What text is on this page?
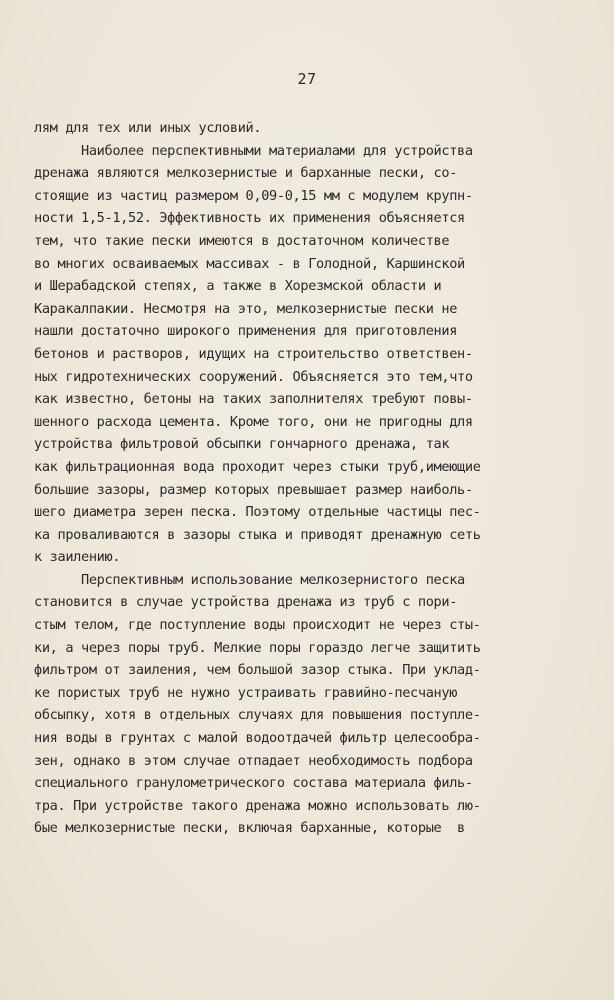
27
лям для тех или иных условий.
Наиболее перспективными материалами для устройства
дренажа являются мелкозернистые и барханные пески, со-
стоящие из частиц размером 0,09-0,15 мм с модулем крупн-
ности 1,5-1,52. Эффективность их применения объясняется
тем, что такие пески имеются в достаточном количестве
во многих осваиваемых массивах - в Голодной, Каршинской
и Шерабадской степях, а также в Хорезмской области и
Каракалпакии. Несмотря на это, мелкозернистые пески не
нашли достаточно широкого применения для приготовления
бетонов и растворов, идущих на строительство ответствен-
ных гидротехнических сооружений. Объясняется это тем,что
как известно, бетоны на таких заполнителях требуют повы-
шенного расхода цемента. Кроме того, они не пригодны для
устройства фильтровой обсыпки гончарного дренажа, так
как фильтрационная вода проходит через стыки труб,имеющие
большие зазоры, размер которых превышает размер наиболь-
шего диаметра зерен песка. Поэтому отдельные частицы пес-
ка проваливаются в зазоры стыка и приводят дренажную сеть
к заилению.
Перспективным использование мелкозернистого песка
становится в случае устройства дренажа из труб с пори-
стым телом, где поступление воды происходит не через сты-
ки, а через поры труб. Мелкие поры гораздо легче защитить
фильтром от заиления, чем большой зазор стыка. При уклад-
ке пористых труб не нужно устраивать гравийно-песчаную
обсыпку, хотя в отдельных случаях для повышения поступле-
ния воды в грунтах с малой водоотдачей фильтр целесообра-
зен, однако в этом случае отпадает необходимость подбора
специального гранулометрического состава материала филь-
тра. При устройстве такого дренажа можно использовать лю-
бые мелкозернистые пески, включая барханные, которые  в
